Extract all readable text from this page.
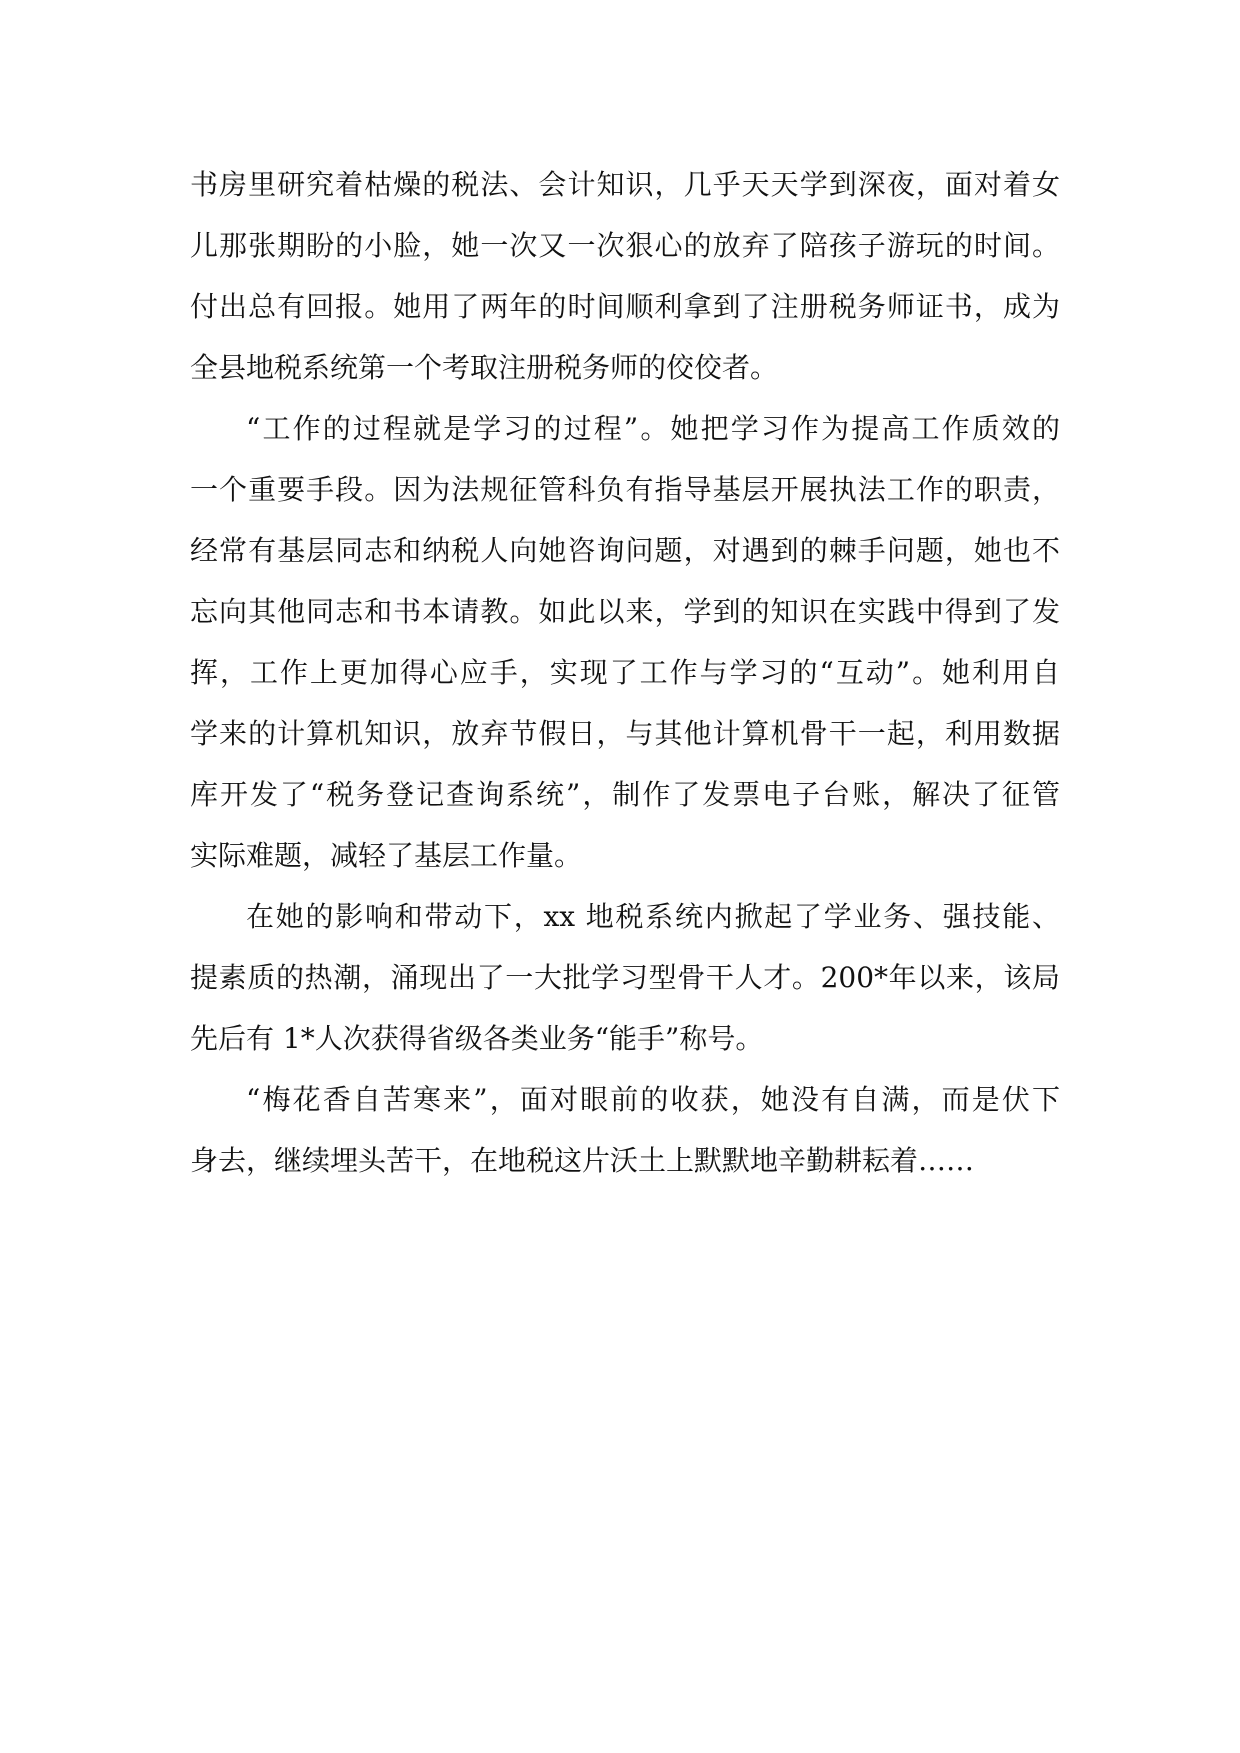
书房里研究着枯燥的税法、会计知识，几乎天天学到深夜，面对着女
儿那张期盼的小脸，她一次又一次狠心的放弃了陪孩子游玩的时间。
付出总有回报。她用了两年的时间顺利拿到了注册税务师证书，成为
全县地税系统第一个考取注册税务师的佼佼者。
“工作的过程就是学习的过程”。她把学习作为提高工作质效的
一个重要手段。因为法规征管科负有指导基层开展执法工作的职责，
经常有基层同志和纳税人向她咨询问题，对遇到的棘手问题，她也不
忘向其他同志和书本请教。如此以来，学到的知识在实践中得到了发
挥，工作上更加得心应手，实现了工作与学习的“互动”。她利用自
学来的计算机知识，放弃节假日，与其他计算机骨干一起，利用数据
库开发了“税务登记查询系统”，制作了发票电子台账，解决了征管
实际难题，减轻了基层工作量。
在她的影响和带动下，xx 地税系统内掀起了学业务、强技能、
提素质的热潮，涌现出了一大批学习型骨干人才。200*年以来，该局
先后有 1*人次获得省级各类业务“能手”称号。
“梅花香自苦寒来”，面对眼前的收获，她没有自满，而是伏下
身去，继续埋头苦干，在地税这片沃土上默默地辛勤耕耘着……
